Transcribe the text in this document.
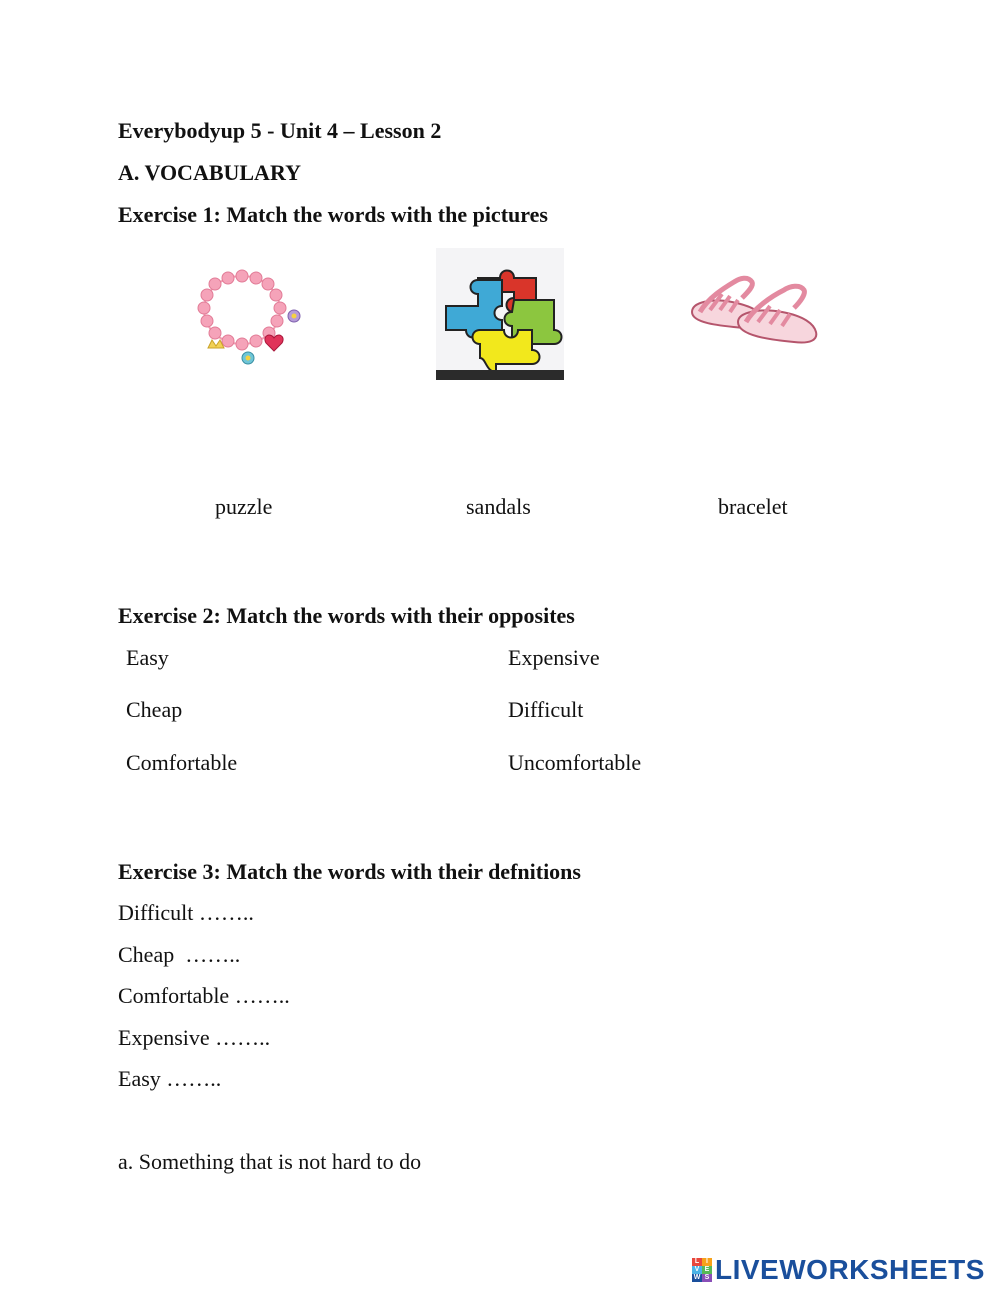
Everybodyup 5 - Unit 4 – Lesson 2
A. VOCABULARY
Exercise 1: Match the words with the pictures
puzzle	sandals	bracelet
Exercise 2: Match the words with their opposites
Easy
Cheap
Comfortable
Expensive
Difficult
Uncomfortable
Exercise 3: Match the words with their defnitions
Difficult ……..
Cheap  ……..
Comfortable ……..
Expensive ……..
Easy ……..
a. Something that is not hard to do
L I
V E
W S LIVEWORKSHEETS
